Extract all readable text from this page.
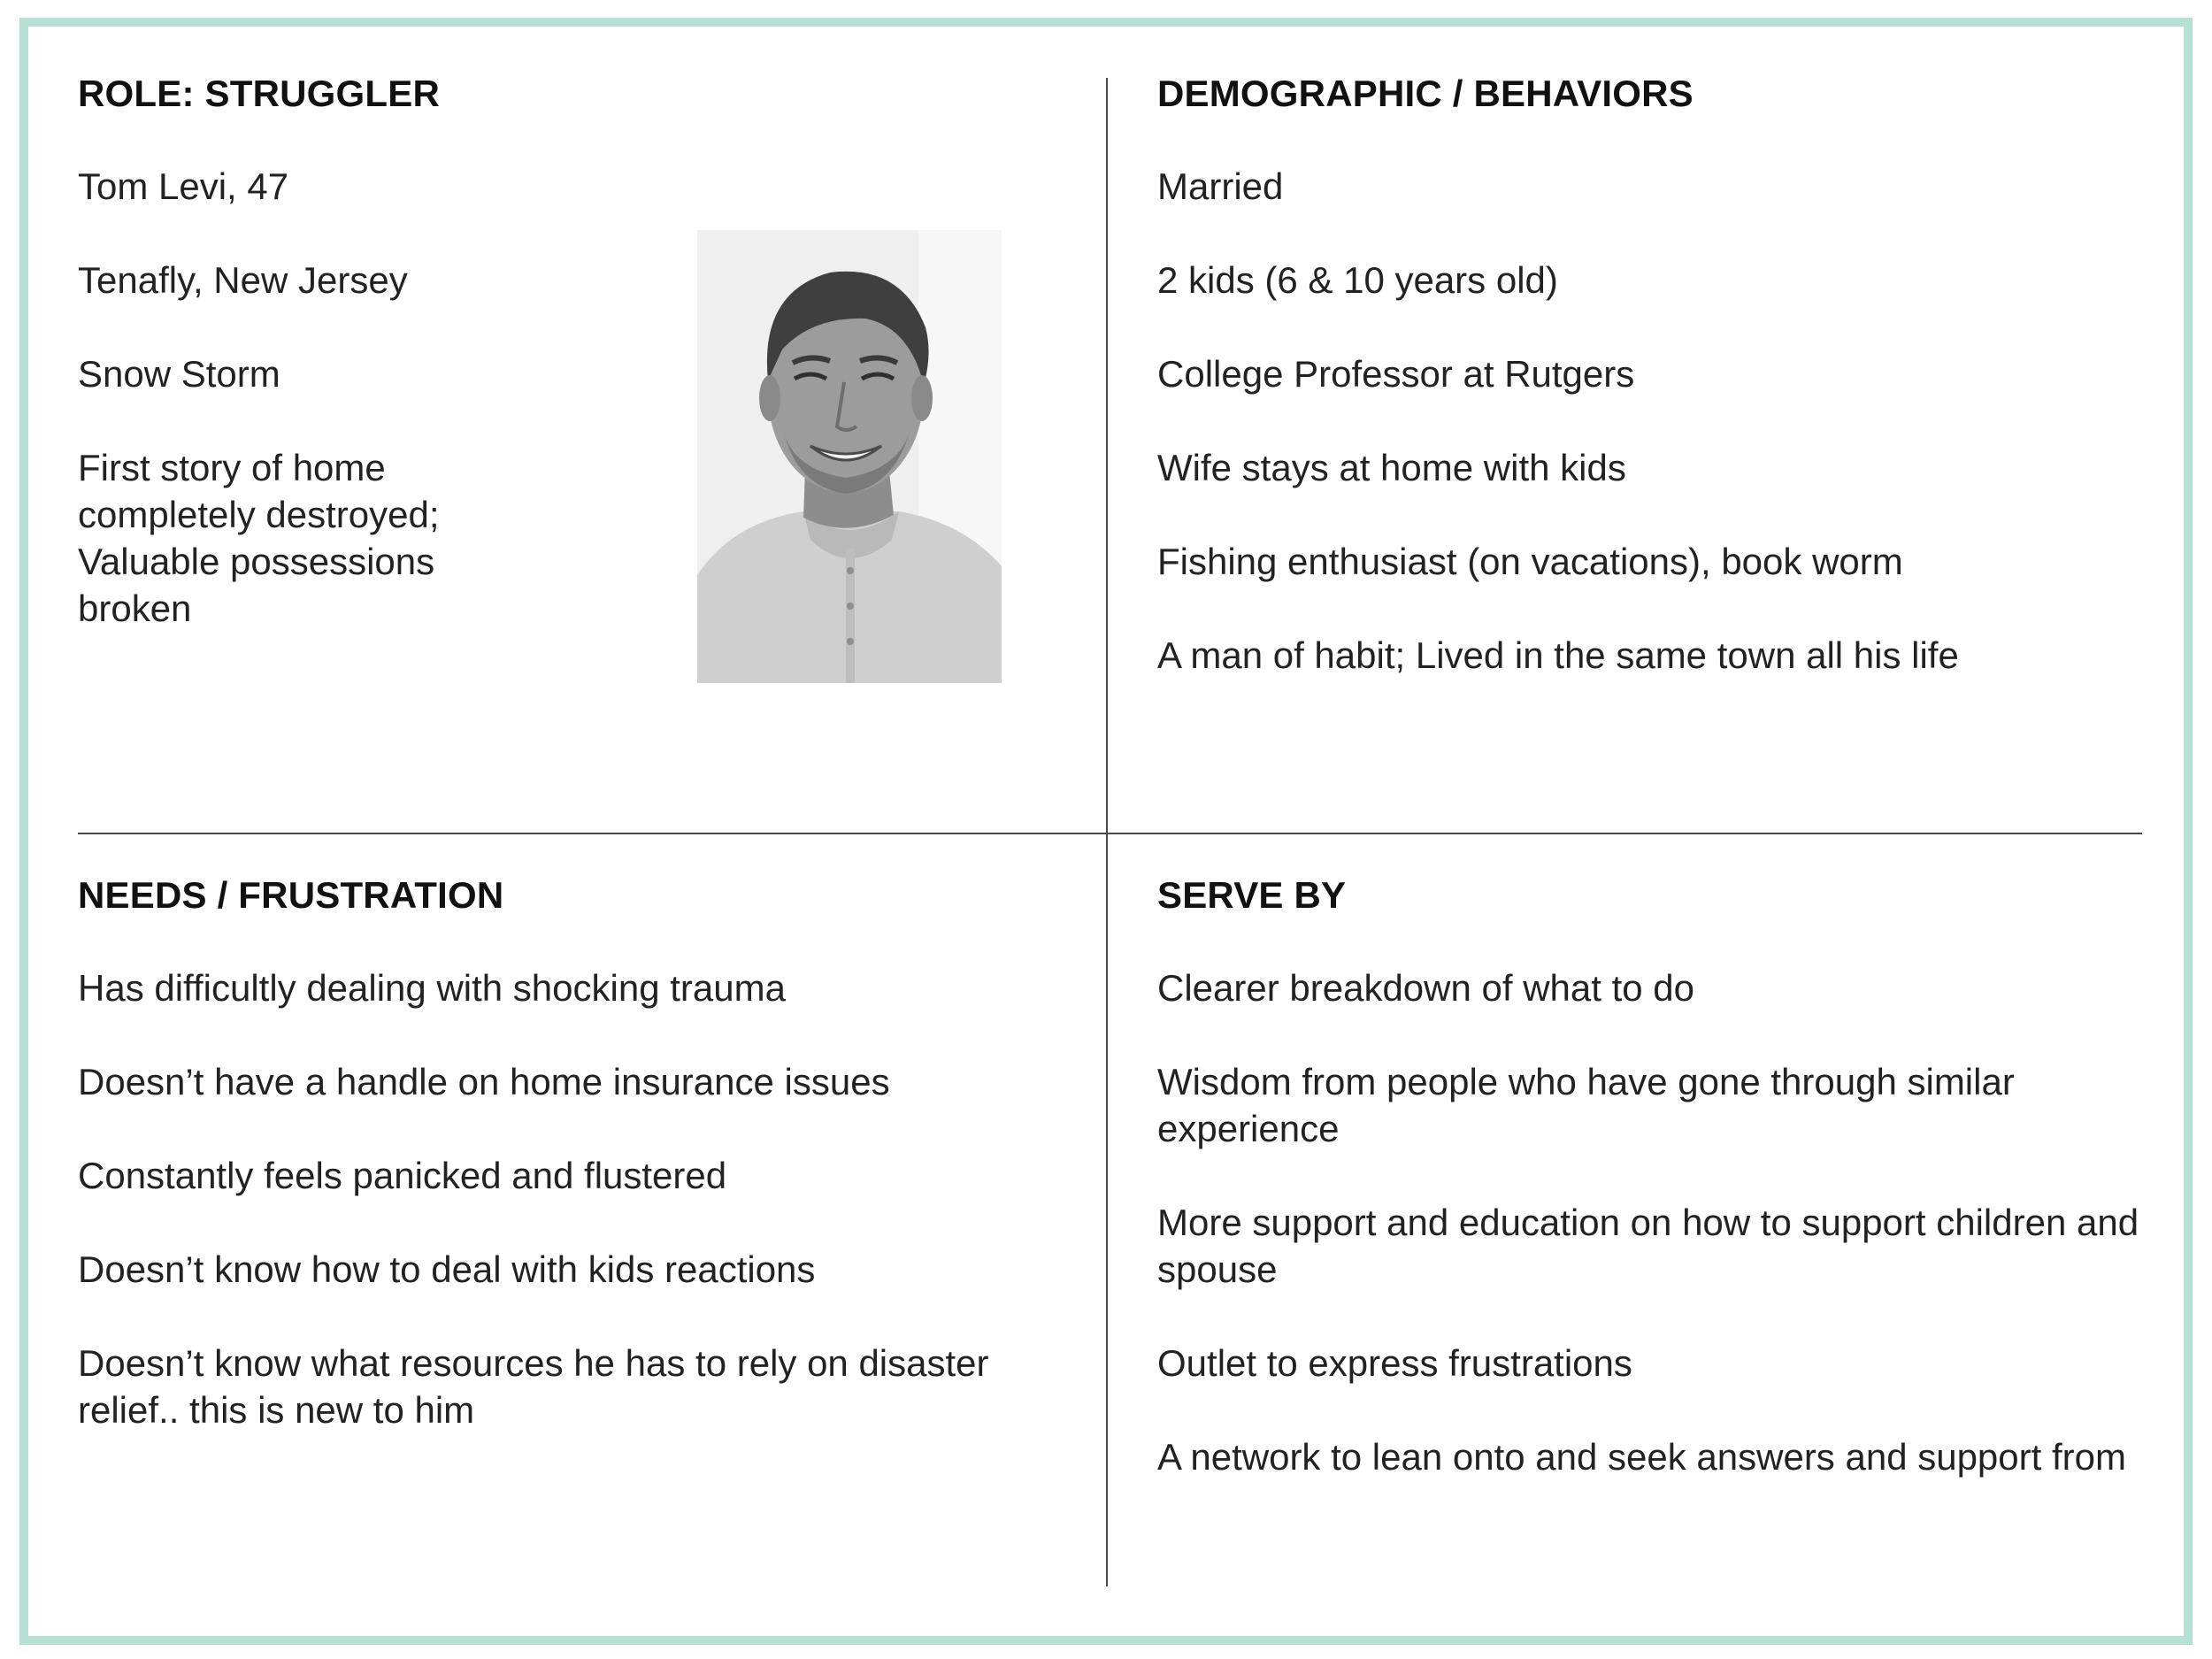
ROLE: STRUGGLER
Tom Levi, 47
Tenafly, New Jersey
Snow Storm
First story of home completely destroyed; Valuable possessions broken
DEMOGRAPHIC / BEHAVIORS
Married
2 kids (6 & 10 years old)
College Professor at Rutgers
Wife stays at home with kids
Fishing enthusiast (on vacations), book worm
A man of habit; Lived in the same town all his life
NEEDS / FRUSTRATION
Has difficultly dealing with shocking trauma
Doesn’t have a handle on home insurance issues
Constantly feels panicked and flustered
Doesn’t know how to deal with kids reactions
Doesn’t know what resources he has to rely on disaster relief.. this is new to him
SERVE BY
Clearer breakdown of what to do
Wisdom from people who have gone through similar experience
More support and education on how to support children and spouse
Outlet to express frustrations
A network to lean onto and seek answers and support from
